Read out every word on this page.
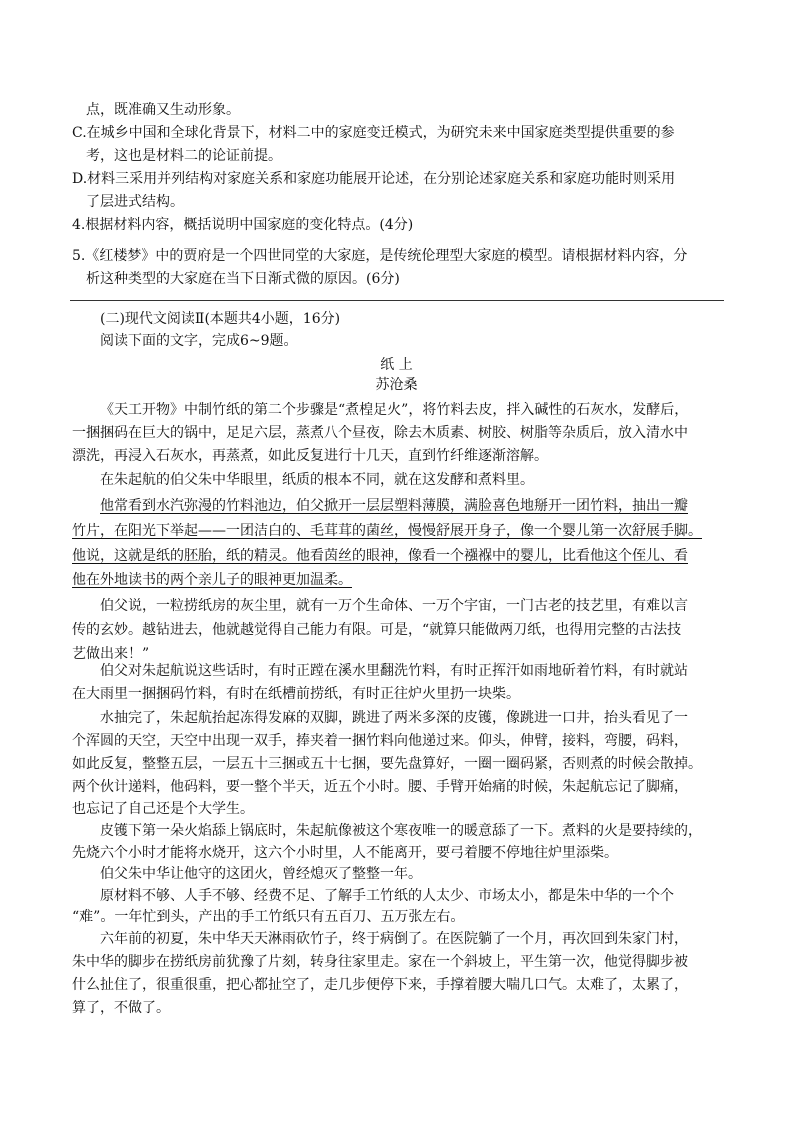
点，既准确又生动形象。
C.在城乡中国和全球化背景下，材料二中的家庭变迁模式，为研究未来中国家庭类型提供重要的参
考，这也是材料二的论证前提。
D.材料三采用并列结构对家庭关系和家庭功能展开论述，在分别论述家庭关系和家庭功能时则采用
了层进式结构。
4.根据材料内容，概括说明中国家庭的变化特点。(4分)
5.《红楼梦》中的贾府是一个四世同堂的大家庭，是传统伦理型大家庭的模型。请根据材料内容，分
析这种类型的大家庭在当下日渐式微的原因。(6分)
(二)现代文阅读Ⅱ(本题共4小题，16分)
阅读下面的文字，完成6~9题。
《天工开物》中制竹纸的第二个步骤是“煮楻足火”，将竹料去皮，拌入碱性的石灰水，发酵后，
一捆捆码在巨大的锅中，足足六层，蒸煮八个昼夜，除去木质素、树胶、树脂等杂质后，放入清水中
漂洗，再浸入石灰水，再蒸煮，如此反复进行十几天，直到竹纤维逐渐溶解。
在朱起航的伯父朱中华眼里，纸质的根本不同，就在这发酵和煮料里。
他常看到水汽弥漫的竹料池边，伯父掀开一层层塑料薄膜，满脸喜色地掰开一团竹料，抽出一瓣
竹片，在阳光下举起——一团洁白的、毛茸茸的菌丝，慢慢舒展开身子，像一个婴儿第一次舒展手脚。
他说，这就是纸的胚胎，纸的精灵。他看茵丝的眼神，像看一个襁褓中的婴儿，比看他这个侄儿、看
他在外地读书的两个亲儿子的眼神更加温柔。
伯父说，一粒捞纸房的灰尘里，就有一万个生命体、一万个宇宙，一门古老的技艺里，有难以言
传的玄妙。越钻进去，他就越觉得自己能力有限。可是，“就算只能做两刀纸，也得用完整的古法技
艺做出来！”
伯父对朱起航说这些话时，有时正蹚在溪水里翻洗竹料，有时正挥汗如雨地斫着竹料，有时就站
在大雨里一捆捆码竹料，有时在纸槽前捞纸，有时正往炉火里扔一块柴。
水抽完了，朱起航抬起冻得发麻的双脚，跳进了两米多深的皮镬，像跳进一口井，抬头看见了一
个浑圆的天空，天空中出现一双手，捧夹着一捆竹料向他递过来。仰头，伸臂，接料，弯腰，码料，
如此反复，整整五层，一层五十三捆或五十七捆，要先盘算好，一圈一圈码紧，否则煮的时候会散掉。
两个伙计递料，他码料，要一整个半天，近五个小时。腰、手臂开始痛的时候，朱起航忘记了脚痛，
也忘记了自己还是个大学生。
皮镬下第一朵火焰舔上锅底时，朱起航像被这个寒夜唯一的暖意舔了一下。煮料的火是要持续的，
先烧六个小时才能将水烧开，这六个小时里，人不能离开，要弓着腰不停地往炉里添柴。
伯父朱中华让他守的这团火，曾经熄灭了整整一年。
原材料不够、人手不够、经费不足、了解手工竹纸的人太少、市场太小，都是朱中华的一个个
“难”。一年忙到头，产出的手工竹纸只有五百刀、五万张左右。
六年前的初夏，朱中华天天淋雨砍竹子，终于病倒了。在医院躺了一个月，再次回到朱家门村，
朱中华的脚步在捞纸房前犹豫了片刻，转身往家里走。家在一个斜坡上，平生第一次，他觉得脚步被
什么扯住了，很重很重，把心都扯空了，走几步便停下来，手撑着腰大喘几口气。太难了，太累了，
算了，不做了。
纸 上
苏沧桑
